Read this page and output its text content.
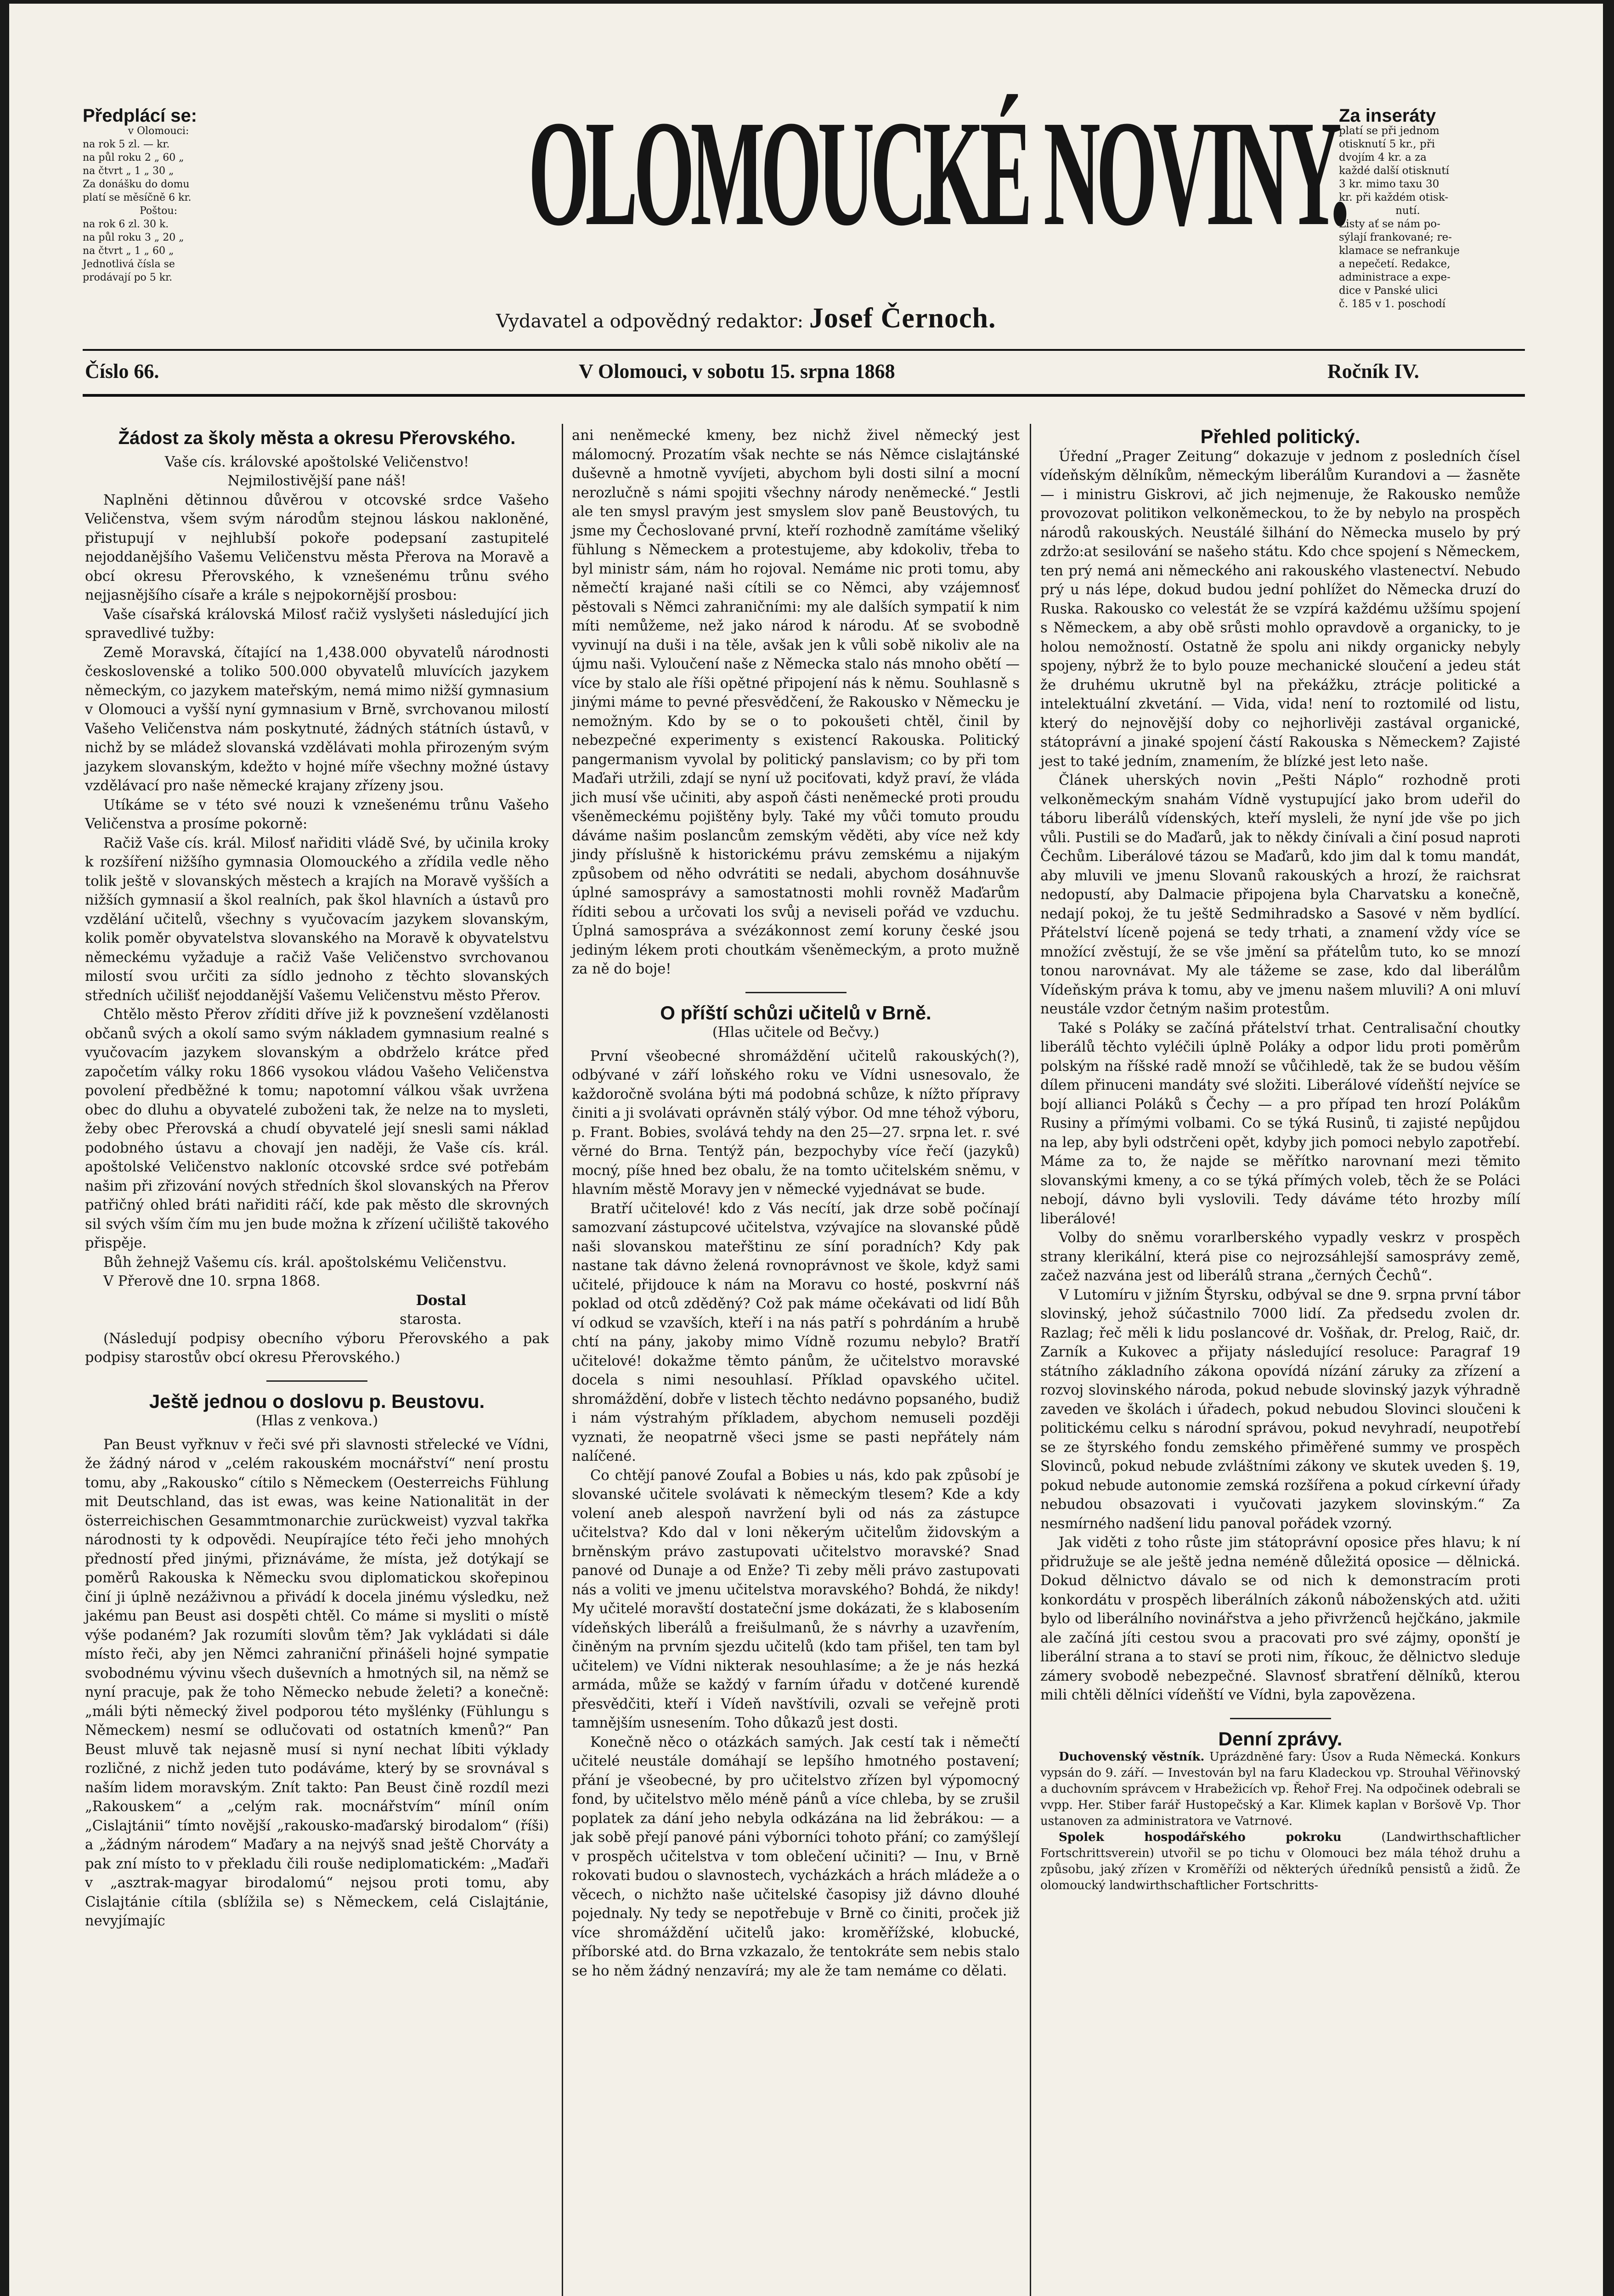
Předplácí se:
v Olomouci:
na rok 5 zl. — kr.
na půl roku 2 „ 60 „
na čtvrt „ 1 „ 30 „
Za donášku do domu
platí se měsíčně 6 kr.
Poštou:
na rok 6 zl. 30 k.
na půl roku 3 „ 20 „
na čtvrt „ 1 „ 60 „
Jednotlivá čísla se
prodávají po 5 kr.
OLOMOUCKÉ NOVINY.
Vydavatel a odpovědný redaktor: Josef Černoch.
Za inseráty
platí se při jednom
otisknutí 5 kr., při
dvojím 4 kr. a za
každé další otisknutí
3 kr. mimo taxu 30
kr. při každém otisk-
nutí.
Listy ať se nám po-
sýlají frankované; re-
klamace se nefrankuje
a nepečetí. Redakce,
administrace a expe-
dice v Panské ulici
č. 185 v 1. poschodí
Číslo 66.	V Olomouci, v sobotu 15. srpna 1868	Ročník IV.
Žádost za školy města a okresu Přerovského.

Vaše cís. královské apoštolské Veličenstvo!

Nejmilostivější pane náš!

Naplněni dětinnou důvěrou v otcovské srdce Vašeho Veličenstva, všem svým národům stejnou láskou nakloněné, přistupují v nejhlubší pokoře podepsaní zastupitelé nejoddanějšího Vašemu Veličenstvu města Přerova na Moravě a obcí okresu Přerovského, k vznešenému trůnu svého nejjasnějšího císaře a krále s nejpokornější prosbou:

Vaše císařská královská Milosť račiž vyslyšeti následující jich spravedlivé tužby:

Země Moravská, čítající na 1,438.000 obyvatelů národnosti československé a toliko 500.000 obyvatelů mluvících jazykem německým, co jazykem mateřským, nemá mimo nižší gymnasium v Olomouci a vyšší nyní gymnasium v Brně, svrchovanou milostí Vašeho Veličenstva nám poskytnuté, žádných státních ústavů, v nichž by se mládež slovanská vzdělávati mohla přirozeným svým jazykem slovanským, kdežto v hojné míře všechny možné ústavy vzdělávací pro naše německé krajany zřízeny jsou.

Utíkáme se v této své nouzi k vznešenému trůnu Vašeho Veličenstva a prosíme pokorně:

Račiž Vaše cís. král. Milosť nařiditi vládě Své, by učinila kroky k rozšíření nižšího gymnasia Olomouckého a zřídila vedle něho tolik ještě v slovanských městech a krajích na Moravě vyšších a nižších gymnasií a škol realních, pak škol hlavních a ústavů pro vzdělání učitelů, všechny s vyučovacím jazykem slovanským, kolik poměr obyvatelstva slovanského na Moravě k obyvatelstvu německému vyžaduje a račiž Vaše Veličenstvo svrchovanou milostí svou určiti za sídlo jednoho z těchto slovanských středních učilišť nejoddanější Vašemu Veličenstvu město Přerov.

Chtělo město Přerov zříditi dříve již k povznešení vzdělanosti občanů svých a okolí samo svým nákladem gymnasium realné s vyučovacím jazykem slovanským a obdrželo krátce před započetím války roku 1866 vysokou vládou Vašeho Veličenstva povolení předběžné k tomu; napotomní válkou však uvržena obec do dluhu a obyvatelé zuboženi tak, že nelze na to mysleti, žeby obec Přerovská a chudí obyvatelé její snesli sami náklad podobného ústavu a chovají jen naději, že Vaše cís. král. apoštolské Veličenstvo nakloníc otcovské srdce své potřebám našim při zřizování nových středních škol slovanských na Přerov patřičný ohled bráti nařiditi ráčí, kde pak město dle skrovných sil svých vším čím mu jen bude možna k zřízení učiliště takového přispěje.

Bůh žehnejž Vašemu cís. král. apoštolskému Veličenstvu.

V Přerově dne 10. srpna 1868.

Dostal

starosta.

(Následují podpisy obecního výboru Přerovského a pak podpisy starostův obcí okresu Přerovského.)

Ještě jednou o doslovu p. Beustovu.

(Hlas z venkova.)

Pan Beust vyřknuv v řeči své při slavnosti střelecké ve Vídni, že žádný národ v „celém rakouském mocnářství“ není prostu tomu, aby „Rakousko“ cítilo s Německem (Oesterreichs Fühlung mit Deutschland, das ist ewas, was keine Nationalität in der österreichischen Gesammtmonarchie zurückweist) vyzval takřka národnosti ty k odpovědi. Neupírajíce této řeči jeho mnohých předností před jinými, přiznáváme, že místa, jež dotýkají se poměrů Rakouska k Německu svou diplomatickou skořepinou činí ji úplně nezáživnou a přivádí k docela jinému výsledku, než jakému pan Beust asi dospěti chtěl. Co máme si mysliti o místě výše podaném? Jak rozumíti slovům těm? Jak vykládati si dále místo řeči, aby jen Němci zahraniční přinášeli hojné sympatie svobodnému vývinu všech duševních a hmotných sil, na němž se nyní pracuje, pak že toho Německo nebude želeti? a konečně: „máli býti německý živel podporou této myšlénky (Fühlungu s Německem) nesmí se odlučovati od ostatních kmenů?“ Pan Beust mluvě tak nejasně musí si nyní nechat líbiti výklady rozličné, z nichž jeden tuto podáváme, který by se srovnával s naším lidem moravským. Znít takto: Pan Beust čině rozdíl mezi „Rakouskem“ a „celým rak. mocnářstvím“ míníl oním „Cislajtánii“ tímto novější „rakousko-maďarský birodalom“ (říši) a „žádným národem“ Maďary a na nejvýš snad ještě Chorváty a pak zní místo to v překladu čili rouše nediplomatickém: „Maďaři v „asztrak-magyar birodalomú“ nejsou proti tomu, aby Cislajtánie cítila (sblížila se) s Německem, celá Cislajtánie, nevyjímajíc

ani neněmecké kmeny, bez nichž živel německý jest málomocný. Prozatím však nechte se nás Němce cislajtánské duševně a hmotně vyvíjeti, abychom byli dosti silní a mocní nerozlučně s námi spojiti všechny národy neněmecké.“ Jestli ale ten smysl pravým jest smyslem slov paně Beustových, tu jsme my Čechoslované první, kteří rozhodně zamítáme všeliký fühlung s Německem a protestujeme, aby kdokoliv, třeba to byl ministr sám, nám ho rojoval. Nemáme nic proti tomu, aby němečtí krajané naši cítili se co Němci, aby vzájemnosť pěstovali s Němci zahraničními: my ale dalších sympatií k nim míti nemůžeme, než jako národ k národu. Ať se svobodně vyvinují na duši i na těle, avšak jen k vůli sobě nikoliv ale na újmu naši. Vyloučení naše z Německa stalo nás mnoho obětí — více by stalo ale říši opětné připojení nás k němu. Souhlasně s jinými máme to pevné přesvědčení, že Rakousko v Německu je nemožným. Kdo by se o to pokoušeti chtěl, činil by nebezpečné experimenty s existencí Rakouska. Politický pangermanism vyvolal by politický panslavism; co by při tom Maďaři utržili, zdají se nyní už pociťovati, když praví, že vláda jich musí vše učiniti, aby aspoň části neněmecké proti proudu všeněmeckému pojištěny byly. Také my vůči tomuto proudu dáváme našim poslancům zemským věděti, aby více než kdy jindy příslušně k historickému právu zemskému a nijakým způsobem od něho odvrátiti se nedali, abychom dosáhnuvše úplné samosprávy a samostatnosti mohli rovněž Maďarům říditi sebou a určovati los svůj a neviseli pořád ve vzduchu. Úplná samospráva a svézákonnost zemí koruny české jsou jediným lékem proti choutkám všeněmeckým, a proto mužně za ně do boje!

O příští schůzi učitelů v Brně.

(Hlas učitele od Bečvy.)

První všeobecné shromáždění učitelů rakouských(?), odbývané v září loňského roku ve Vídni usnesovalo, že každoročně svolána býti má podobná schůze, k nížto přípravy činiti a ji svolávati oprávněn stálý výbor. Od mne téhož výboru, p. Frant. Bobies, svolává tehdy na den 25—27. srpna let. r. své věrné do Brna. Tentýž pán, bezpochyby více řečí (jazyků) mocný, píše hned bez obalu, že na tomto učitelském sněmu, v hlavním městě Moravy jen v německé vyjednávat se bude.

Bratří učitelové! kdo z Vás necítí, jak drze sobě počínají samozvaní zástupcové učitelstva, vzývajíce na slovanské půdě naši slovanskou mateřštinu ze síní poradních? Kdy pak nastane tak dávno želená rovnoprávnost ve škole, když sami učitelé, přijdouce k nám na Moravu co hosté, poskvrní náš poklad od otců zděděný? Což pak máme očekávati od lidí Bůh ví odkud se vzavších, kteří i na nás patří s pohrdáním a hrubě chtí na pány, jakoby mimo Vídně rozumu nebylo? Bratří učitelové! dokažme těmto pánům, že učitelstvo moravské docela s nimi nesouhlasí. Příklad opavského učitel. shromáždění, dobře v listech těchto nedávno popsaného, budiž i nám výstrahým příkladem, abychom nemuseli později vyznati, že neopatrně všeci jsme se pasti nepřátely nám nalíčené.

Co chtějí panové Zoufal a Bobies u nás, kdo pak způsobí je slovanské učitele svolávati k německým tlesem? Kde a kdy volení aneb alespoň navržení byli od nás za zástupce učitelstva? Kdo dal v loni někerým učitelům židovským a brněnským právo zastupovati učitelstvo moravské? Snad panové od Dunaje a od Enže? Ti zeby měli právo zastupovati nás a voliti ve jmenu učitelstva moravského? Bohdá, že nikdy! My učitelé moravští dostateční jsme dokázati, že s klabosením vídeňských liberálů a freišulmanů, že s návrhy a uzavřením, činěným na prvním sjezdu učitelů (kdo tam přišel, ten tam byl učitelem) ve Vídni nikterak nesouhlasíme; a že je nás hezká armáda, může se každý v farním úřadu v dotčené kurendě přesvědčiti, kteří i Vídeň navštívili, ozvali se veřejně proti tamnějším usnesením. Toho důkazů jest dosti.

Konečně něco o otázkách samých. Jak cestí tak i němečtí učitelé neustále domáhají se lepšího hmotného postavení; přání je všeobecné, by pro učitelstvo zřízen byl výpomocný fond, by učitelstvo mělo méně pánů a více chleba, by se zrušil poplatek za dání jeho nebyla odkázána na lid žebrákou: — a jak sobě přejí panové páni výborníci tohoto přání; co zamýšlejí v prospěch učitelstva v tom oblečení učiniti? — Inu, v Brně rokovati budou o slavnostech, vycházkách a hrách mládeže a o věcech, o nichžto naše učitelské časopisy již dávno dlouhé pojednaly. Ny tedy se nepotřebuje v Brně co činiti, proček již více shromáždění učitelů jako: kroměřížské, klobucké, příborské atd. do Brna vzkazalo, že tentokráte sem nebis stalo se ho něm žádný nenzavírá; my ale že tam nemáme co dělati.

Přehled politický.

Úřední „Prager Zeitung“ dokazuje v jednom z posledních čísel vídeňským dělníkům, německým liberálům Kurandovi a — žasněte — i ministru Giskrovi, ač jich nejmenuje, že Rakousko nemůže provozovat politikon velkoněmeckou, to že by nebylo na prospěch národů rakouských. Neustálé šilhání do Německa muselo by prý zdržo:at sesilování se našeho státu. Kdo chce spojení s Německem, ten prý nemá ani německého ani rakouského vlastenectví. Nebudo prý u nás lépe, dokud budou jední pohlížet do Německa druzí do Ruska. Rakousko co velestát že se vzpírá každému užšímu spojení s Německem, a aby obě srůsti mohlo opravdově a organicky, to je holou nemožností. Ostatně že spolu ani nikdy organicky nebyly spojeny, nýbrž že to bylo pouze mechanické sloučení a jedeu stát že druhému ukrutně byl na překážku, ztrácje politické a intelektuální zkvetání. — Vida, vida! není to roztomilé od listu, který do nejnovější doby co nejhorlivěji zastával organické, státoprávní a jinaké spojení částí Rakouska s Německem? Zajisté jest to také jedním, znamením, že blízké jest leto naše.

Článek uherských novin „Pešti Náplo“ rozhodně proti velkoněmeckým snahám Vídně vystupující jako brom udeřil do táboru liberálů vídenských, kteří mysleli, že nyní jde vše po jich vůli. Pustili se do Maďarů, jak to někdy činívali a činí posud naproti Čechům. Liberálové tázou se Maďarů, kdo jim dal k tomu mandát, aby mluvili ve jmenu Slovanů rakouských a hrozí, že raichsrat nedopustí, aby Dalmacie připojena byla Charvatsku a konečně, nedají pokoj, že tu ještě Sedmihradsko a Sasové v něm bydlící. Přátelství líceně pojená se tedy trhati, a znamení vždy více se množící zvěstují, že se vše jmění sa přátelům tuto, ko se mnozí tonou narovnávat. My ale tážeme se zase, kdo dal liberálům Vídeňským práva k tomu, aby ve jmenu našem mluvili? A oni mluví neustále vzdor četným našim protestům.

Také s Poláky se začíná přátelství trhat. Centralisační choutky liberálů těchto vyléčili úplně Poláky a odpor lidu proti poměrům polským na říšské radě množí se vůčihledě, tak že se budou věším dílem přinuceni mandáty své složiti. Liberálové vídeňští nejvíce se bojí allianci Poláků s Čechy — a pro případ ten hrozí Polákům Rusiny a přímými volbami. Co se týká Rusinů, ti zajisté nepůjdou na lep, aby byli odstrčeni opět, kdyby jich pomoci nebylo zapotřebí. Máme za to, že najde se měřítko narovnaní mezi těmito slovanskými kmeny, a co se týká přímých voleb, těch že se Poláci nebojí, dávno byli vyslovili. Tedy dáváme této hrozby mílí liberálové!

Volby do sněmu vorarlberského vypadly veskrz v prospěch strany klerikální, která pise co nejrozsáhlejší samosprávy země, začež nazvána jest od liberálů strana „černých Čechů“.

V Lutomíru v jižním Štyrsku, odbýval se dne 9. srpna první tábor slovinský, jehož súčastnilo 7000 lidí. Za předsedu zvolen dr. Razlag; řeč měli k lidu poslancové dr. Vošňak, dr. Prelog, Raič, dr. Zarník a Kukovec a přijaty následující resoluce: Paragraf 19 státního základního zákona opovídá nízání záruky za zřízení a rozvoj slovinského národa, pokud nebude slovinský jazyk výhradně zaveden ve školách i úřadech, pokud nebudou Slovinci sloučeni k politickému celku s národní správou, pokud nevyhradí, neupotřebí se ze štyrského fondu zemského přiměřené summy ve prospěch Slovinců, pokud nebude zvláštními zákony ve skutek uveden §. 19, pokud nebude autonomie zemská rozšířena a pokud církevní úřady nebudou obsazovati i vyučovati jazykem slovinským.“ Za nesmírného nadšení lidu panoval pořádek vzorný.

Jak viděti z toho růste jim státoprávní oposice přes hlavu; k ní přidružuje se ale ještě jedna neméně důležitá oposice — dělnická. Dokud dělnictvo dávalo se od nich k demonstracím proti konkordátu v prospěch liberálních zákonů náboženských atd. užiti bylo od liberálního novinářstva a jeho přivrženců hejčkáno, jakmile ale začíná jíti cestou svou a pracovati pro své zájmy, oponští je liberální strana a to staví se proti nim, říkouc, že dělnictvo sleduje zámery svobodě nebezpečné. Slavnosť sbratření dělníků, kterou mili chtěli dělníci vídeňští ve Vídni, byla zapovězena.

Denní zprávy.

Duchovenský věstník. Uprázdněné fary: Úsov a Ruda Německá. Konkurs vypsán do 9. září. — Investován byl na faru Kladeckou vp. Strouhal Věřinovský a duchovním správcem v Hrabežicích vp. Řehoř Frej. Na odpočinek odebrali se vvpp. Her. Stiber farář Hustopečský a Kar. Klimek kaplan v Boršově Vp. Thor ustanoven za administratora ve Vatrnové.

Spolek hospodářského pokroku	(Landwirthschaftlicher Fortschrittsverein) utvořil se po tichu v Olomouci bez mála téhož druhu a způsobu, jaký zřízen v Kroměříži od některých úředníků pensistů a židů. Že olomoucký landwirthschaftlicher Fortschritts-
